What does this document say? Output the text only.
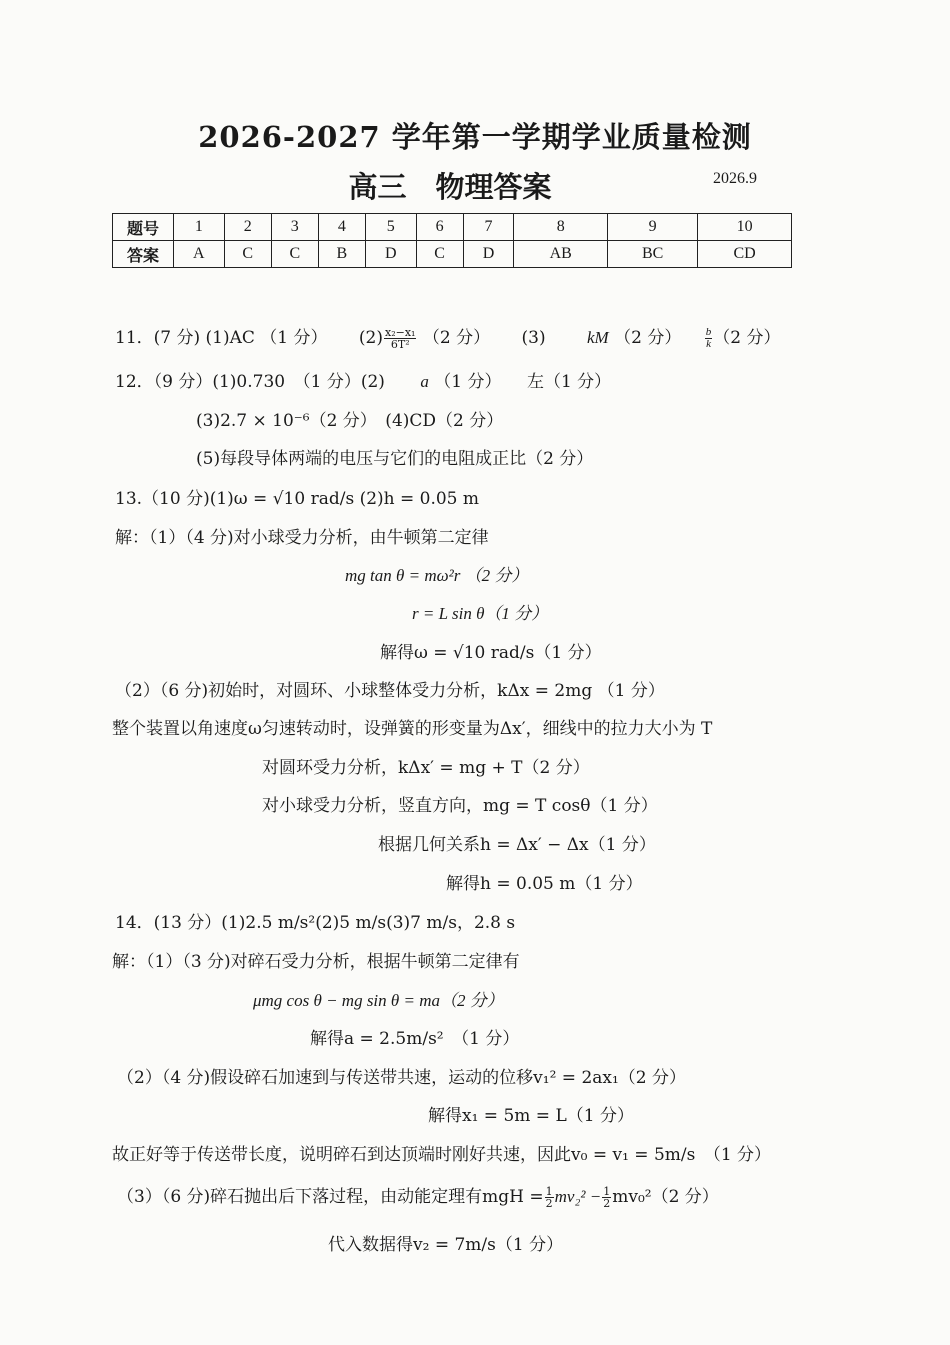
2026-2027 学年第一学期学业质量检测
高三　物理答案	2026.9
题号	1	2	3	4	5	6	7	8	9	10
答案	A	C	C	B	D	C	D	AB	BC	CD
11．(7 分) (1)AC （1 分） $(2) \frac{\text{x₂−x₁}}{\text{6T²}} (2$ 分） (3) kM （2 分） $\frac{b}{k} (2$ 分）
12．（9 分）(1)0.730　（1 分）(2) a （1 分）　　左（1 分）
(3)2.7 × 10⁻⁶（2 分）　(4)CD（2 分）
(5)每段导体两端的电压与它们的电阻成正比（2 分）
13.（10 分)(1)ω = √10 rad/s (2)h = 0.05 m
解：（1）（4 分)对小球受力分析，由牛顿第二定律
mg tan θ = mω²r （2 分）
r = L sin θ（1 分）
解得ω = √10 rad/s（1 分）
（2）（6 分)初始时，对圆环、小球整体受力分析，kΔx = 2mg （1 分）
整个装置以角速度ω匀速转动时，设弹簧的形变量为Δx′，细线中的拉力大小为 T
对圆环受力分析，kΔx′ = mg + T（2 分）
对小球受力分析，竖直方向，mg = T cosθ（1 分）
根据几何关系h = Δx′ − Δx（1 分）
解得h = 0.05 m（1 分）
14．(13 分）(1)2.5 m/s²(2)5 m/s(3)7 m/s，2.8 s
解：（1）（3 分)对碎石受力分析，根据牛顿第二定律有
μmg cos θ − mg sin θ = ma（2 分）
解得a = 2.5m/s²　（1 分）
（2）（4 分)假设碎石加速到与传送带共速，运动的位移v₁² = 2ax₁（2 分）
解得x₁ = 5m = L（1 分）
故正好等于传送带长度，说明碎石到达顶端时刚好共速，因此v₀ = v₁ = 5m/s　（1 分）
（3）（6 分)碎石抛出后下落过程，由动能定理有mgH = $\frac{1}{2} mv_2^2 - \frac{1}{2} mv_0^2(2$ 分）
代入数据得v₂ = 7m/s（1 分）
